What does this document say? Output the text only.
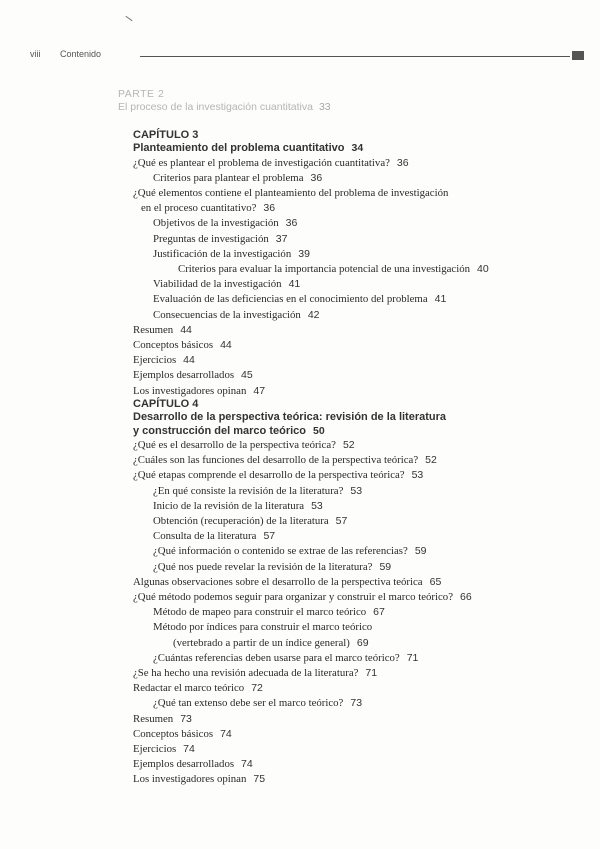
viii Contenido
PARTE 2
El proceso de la investigación cuantitativa 33
CAPÍTULO 3
Planteamiento del problema cuantitativo 34
¿Qué es plantear el problema de investigación cuantitativa? 36
Criterios para plantear el problema 36
¿Qué elementos contiene el planteamiento del problema de investigación
en el proceso cuantitativo? 36
Objetivos de la investigación 36
Preguntas de investigación 37
Justificación de la investigación 39
Criterios para evaluar la importancia potencial de una investigación 40
Viabilidad de la investigación 41
Evaluación de las deficiencias en el conocimiento del problema 41
Consecuencias de la investigación 42
Resumen 44
Conceptos básicos 44
Ejercicios 44
Ejemplos desarrollados 45
Los investigadores opinan 47
CAPÍTULO 4
Desarrollo de la perspectiva teórica: revisión de la literatura
y construcción del marco teórico 50
¿Qué es el desarrollo de la perspectiva teórica? 52
¿Cuáles son las funciones del desarrollo de la perspectiva teórica? 52
¿Qué etapas comprende el desarrollo de la perspectiva teórica? 53
¿En qué consiste la revisión de la literatura? 53
Inicio de la revisión de la literatura 53
Obtención (recuperación) de la literatura 57
Consulta de la literatura 57
¿Qué información o contenido se extrae de las referencias? 59
¿Qué nos puede revelar la revisión de la literatura? 59
Algunas observaciones sobre el desarrollo de la perspectiva teórica 65
¿Qué método podemos seguir para organizar y construir el marco teórico? 66
Método de mapeo para construir el marco teórico 67
Método por índices para construir el marco teórico
(vertebrado a partir de un índice general) 69
¿Cuántas referencias deben usarse para el marco teórico? 71
¿Se ha hecho una revisión adecuada de la literatura? 71
Redactar el marco teórico 72
¿Qué tan extenso debe ser el marco teórico? 73
Resumen 73
Conceptos básicos 74
Ejercicios 74
Ejemplos desarrollados 74
Los investigadores opinan 75
